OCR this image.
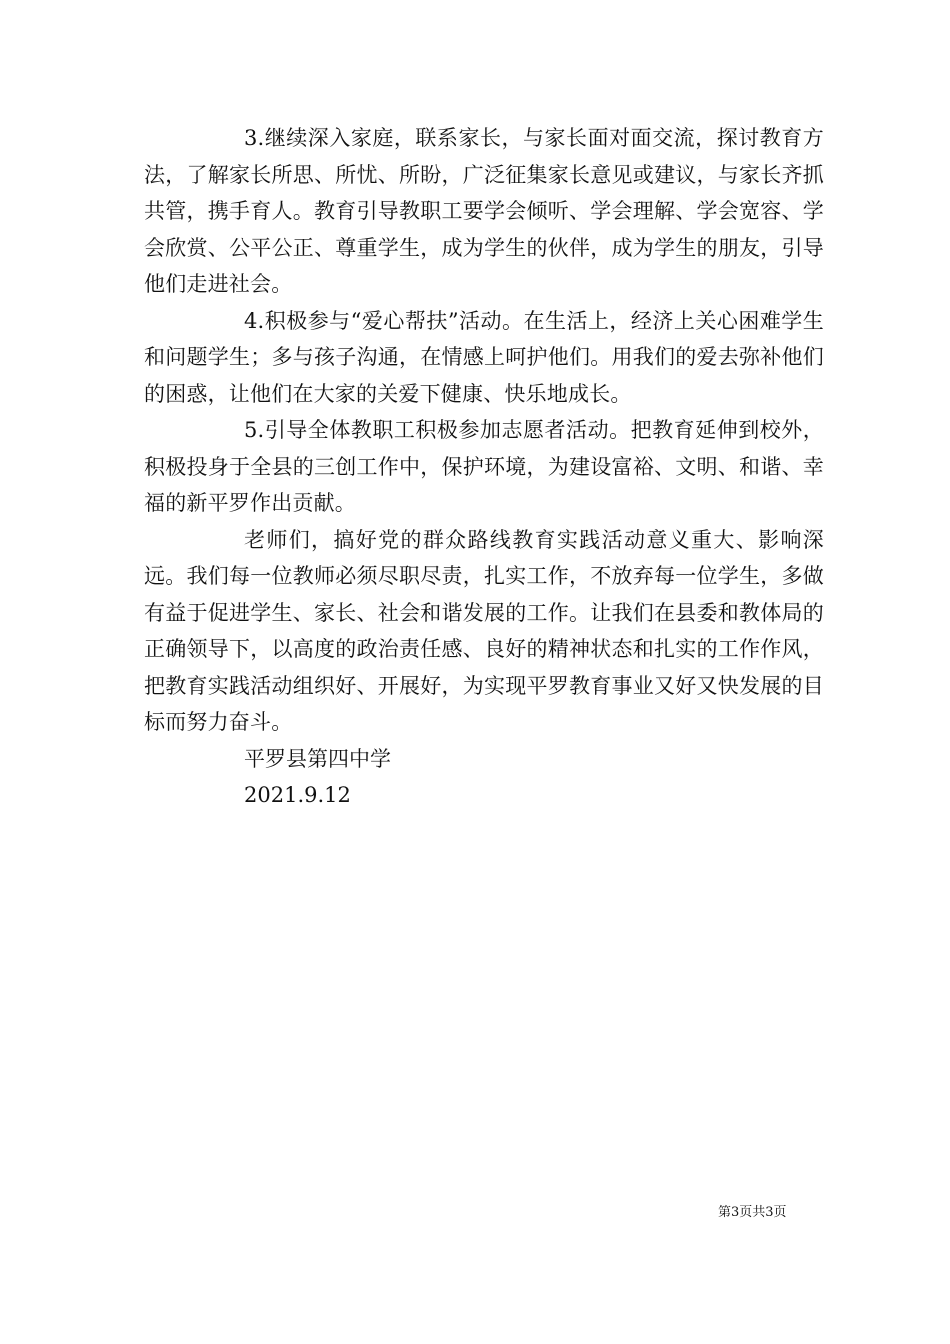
3.继续深入家庭，联系家长，与家长面对面交流，探讨教育方法，了解家长所思、所忧、所盼，广泛征集家长意见或建议，与家长齐抓共管，携手育人。教育引导教职工要学会倾听、学会理解、学会宽容、学会欣赏、公平公正、尊重学生，成为学生的伙伴，成为学生的朋友，引导他们走进社会。

4.积极参与“爱心帮扶”活动。在生活上，经济上关心困难学生和问题学生；多与孩子沟通，在情感上呵护他们。用我们的爱去弥补他们的困惑，让他们在大家的关爱下健康、快乐地成长。

5.引导全体教职工积极参加志愿者活动。把教育延伸到校外，积极投身于全县的三创工作中，保护环境，为建设富裕、文明、和谐、幸福的新平罗作出贡献。

老师们，搞好党的群众路线教育实践活动意义重大、影响深远。我们每一位教师必须尽职尽责，扎实工作，不放弃每一位学生，多做有益于促进学生、家长、社会和谐发展的工作。让我们在县委和教体局的正确领导下，以高度的政治责任感、良好的精神状态和扎实的工作作风，把教育实践活动组织好、开展好，为实现平罗教育事业又好又快发展的目标而努力奋斗。

平罗县第四中学

2021.9.12

第3页共3页
